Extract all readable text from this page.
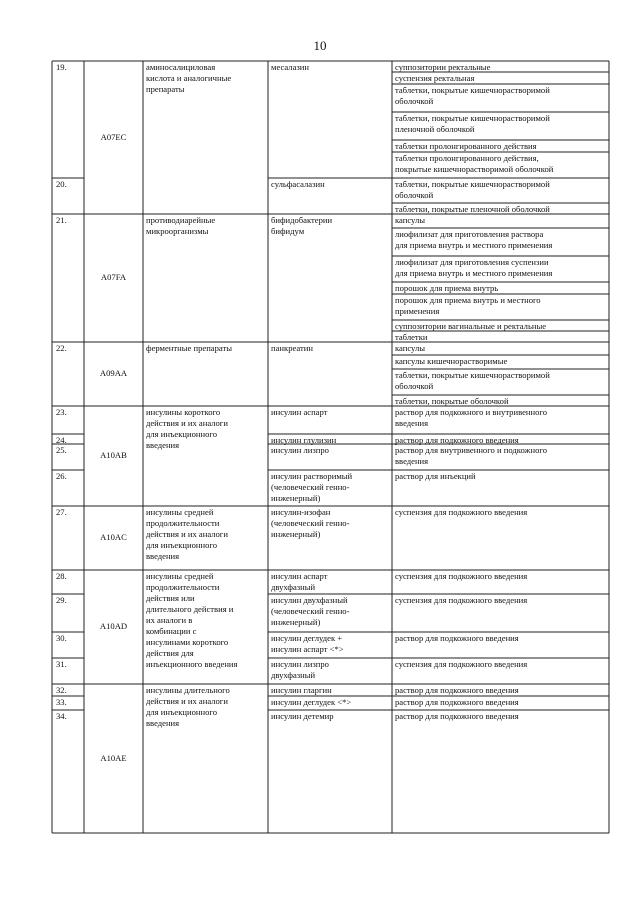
10
19.
20.
21.
22.
23.
24.
25.
26.
27.
28.
29.
30.
31.
32.
33.
34.
A07EC
A07FA
A09AA
A10AB
A10AC
A10AD
A10AE
аминосалициловая
кислота и аналогичные
препараты
противодиарейные
микроорганизмы
ферментные препараты
инсулины короткого
действия и их аналоги
для инъекционного
введения
инсулины средней
продолжительности
действия и их аналоги
для инъекционного
введения
инсулины средней
продолжительности
действия или
длительного действия и
их аналоги в
комбинации с
инсулинами короткого
действия для
инъекционного введения
инсулины длительного
действия и их аналоги
для инъекционного
введения
месалазин
сульфасалазин
бифидобактерии
бифидум
панкреатин
инсулин аспарт
инсулин глулизин
инсулин лизпро
инсулин растворимый
(человеческий генно-
инженерный)
инсулин-изофан
(человеческий генно-
инженерный)
инсулин аспарт
двухфазный
инсулин двухфазный
(человеческий генно-
инженерный)
инсулин деглудек +
инсулин аспарт <*>
инсулин лизпро
двухфазный
инсулин гларгин
инсулин деглудек <*>
инсулин детемир
суппозитории ректальные
суспензия ректальная
таблетки, покрытые кишечнорастворимой
оболочкой
таблетки, покрытые кишечнорастворимой
пленочной оболочкой
таблетки пролонгированного действия
таблетки пролонгированного действия,
покрытые кишечнорастворимой оболочкой
таблетки, покрытые кишечнорастворимой
оболочкой
таблетки, покрытые пленочной оболочкой
капсулы
лиофилизат для приготовления раствора
для приема внутрь и местного применения
лиофилизат для приготовления суспензии
для приема внутрь и местного применения
порошок для приема внутрь
порошок для приема внутрь и местного
применения
суппозитории вагинальные и ректальные
таблетки
капсулы
капсулы кишечнорастворимые
таблетки, покрытые кишечнорастворимой
оболочкой
таблетки, покрытые оболочкой
раствор для подкожного и внутривенного
введения
раствор для подкожного введения
раствор для внутривенного и подкожного
введения
раствор для инъекций
суспензия для подкожного введения
суспензия для подкожного введения
суспензия для подкожного введения
раствор для подкожного введения
суспензия для подкожного введения
раствор для подкожного введения
раствор для подкожного введения
раствор для подкожного введения
